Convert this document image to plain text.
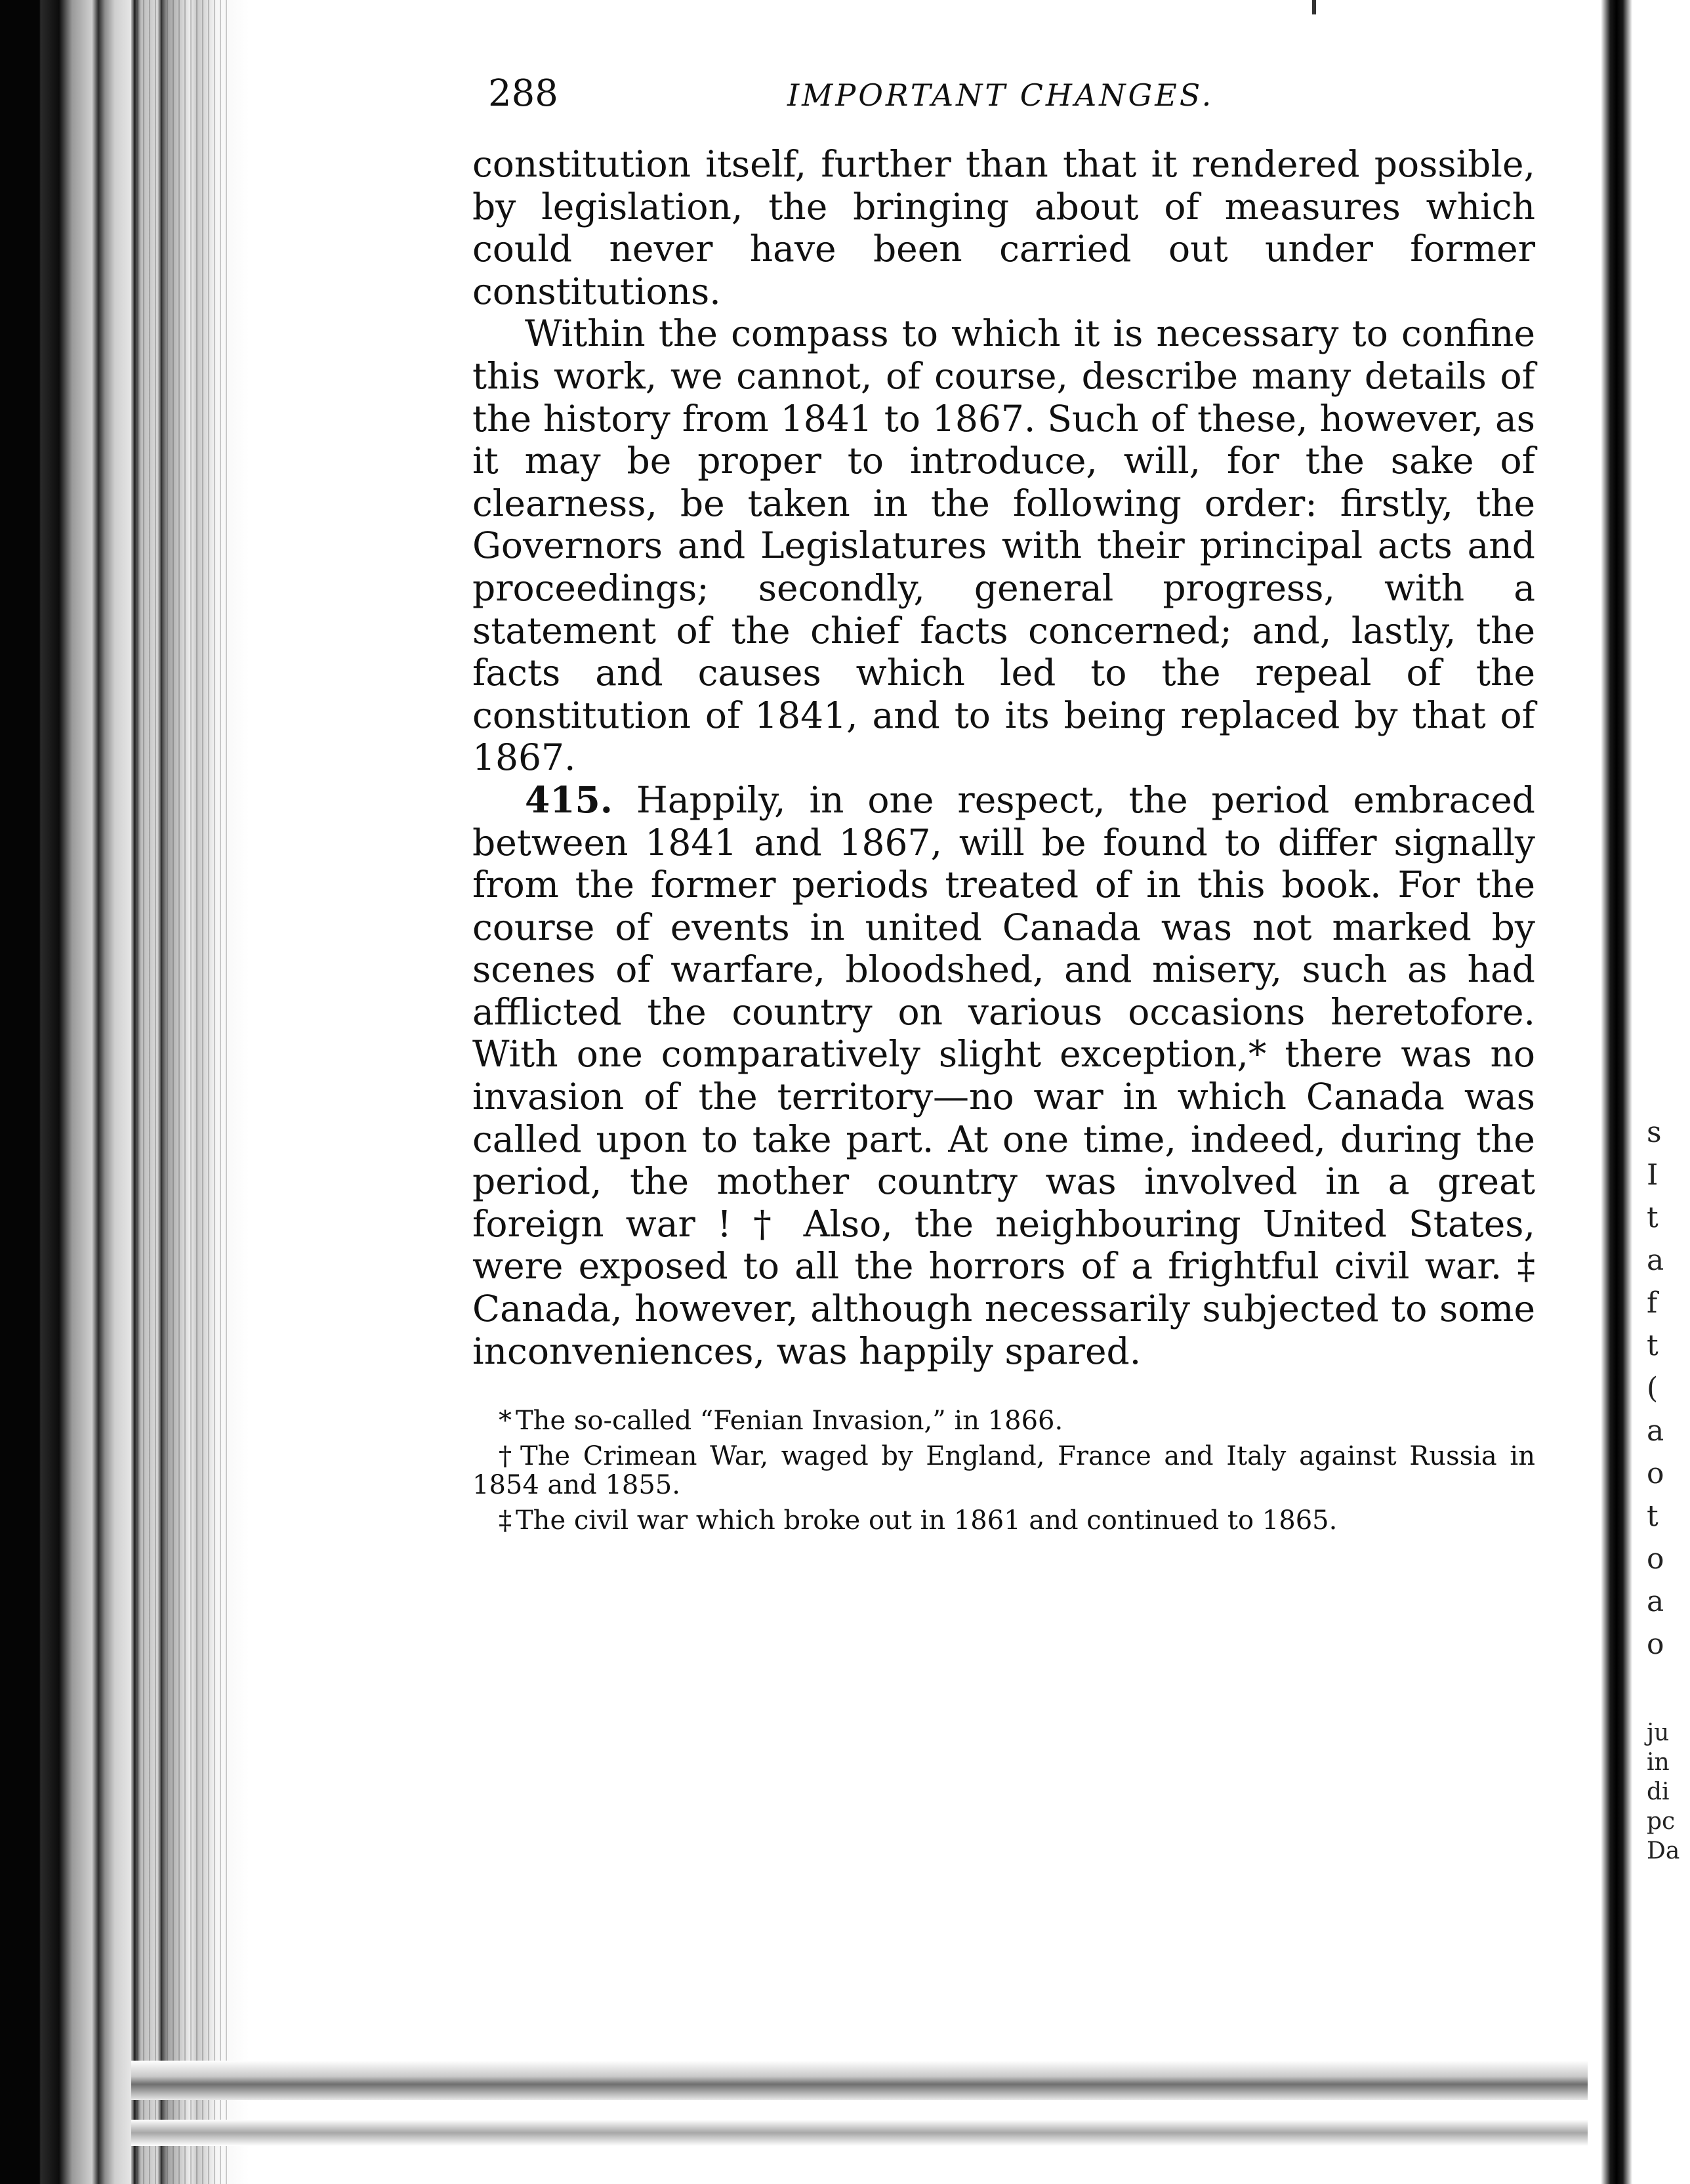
s
I
t
a
f
t
(
a
o
t
o
a
o
ju
in
di
pc
Da
288	IMPORTANT CHANGES.

constitution itself, further than that it rendered possible, by legislation, the bringing about of measures which could never have been carried out under former constitutions.

Within the compass to which it is necessary to confine this work, we cannot, of course, describe many details of the history from 1841 to 1867. Such of these, however, as it may be proper to introduce, will, for the sake of clearness, be taken in the following order: firstly, the Governors and Legislatures with their principal acts and proceedings; secondly, general progress, with a statement of the chief facts concerned; and, lastly, the facts and causes which led to the repeal of the constitution of 1841, and to its being replaced by that of 1867.

415. Happily, in one respect, the period embraced between 1841 and 1867, will be found to differ signally from the former periods treated of in this book. For the course of events in united Canada was not marked by scenes of warfare, bloodshed, and misery, such as had afflicted the country on various occasions heretofore. With one comparatively slight exception,* there was no invasion of the territory—no war in which Canada was called upon to take part. At one time, indeed, during the period, the mother country was involved in a great foreign war ! † Also, the neighbouring United States, were exposed to all the horrors of a frightful civil war. ‡ Canada, however, although necessarily subjected to some inconveniences, was happily spared.

* The so-called “Fenian Invasion,” in 1866.

† The Crimean War, waged by England, France and Italy against Russia in 1854 and 1855.

‡ The civil war which broke out in 1861 and continued to 1865.
